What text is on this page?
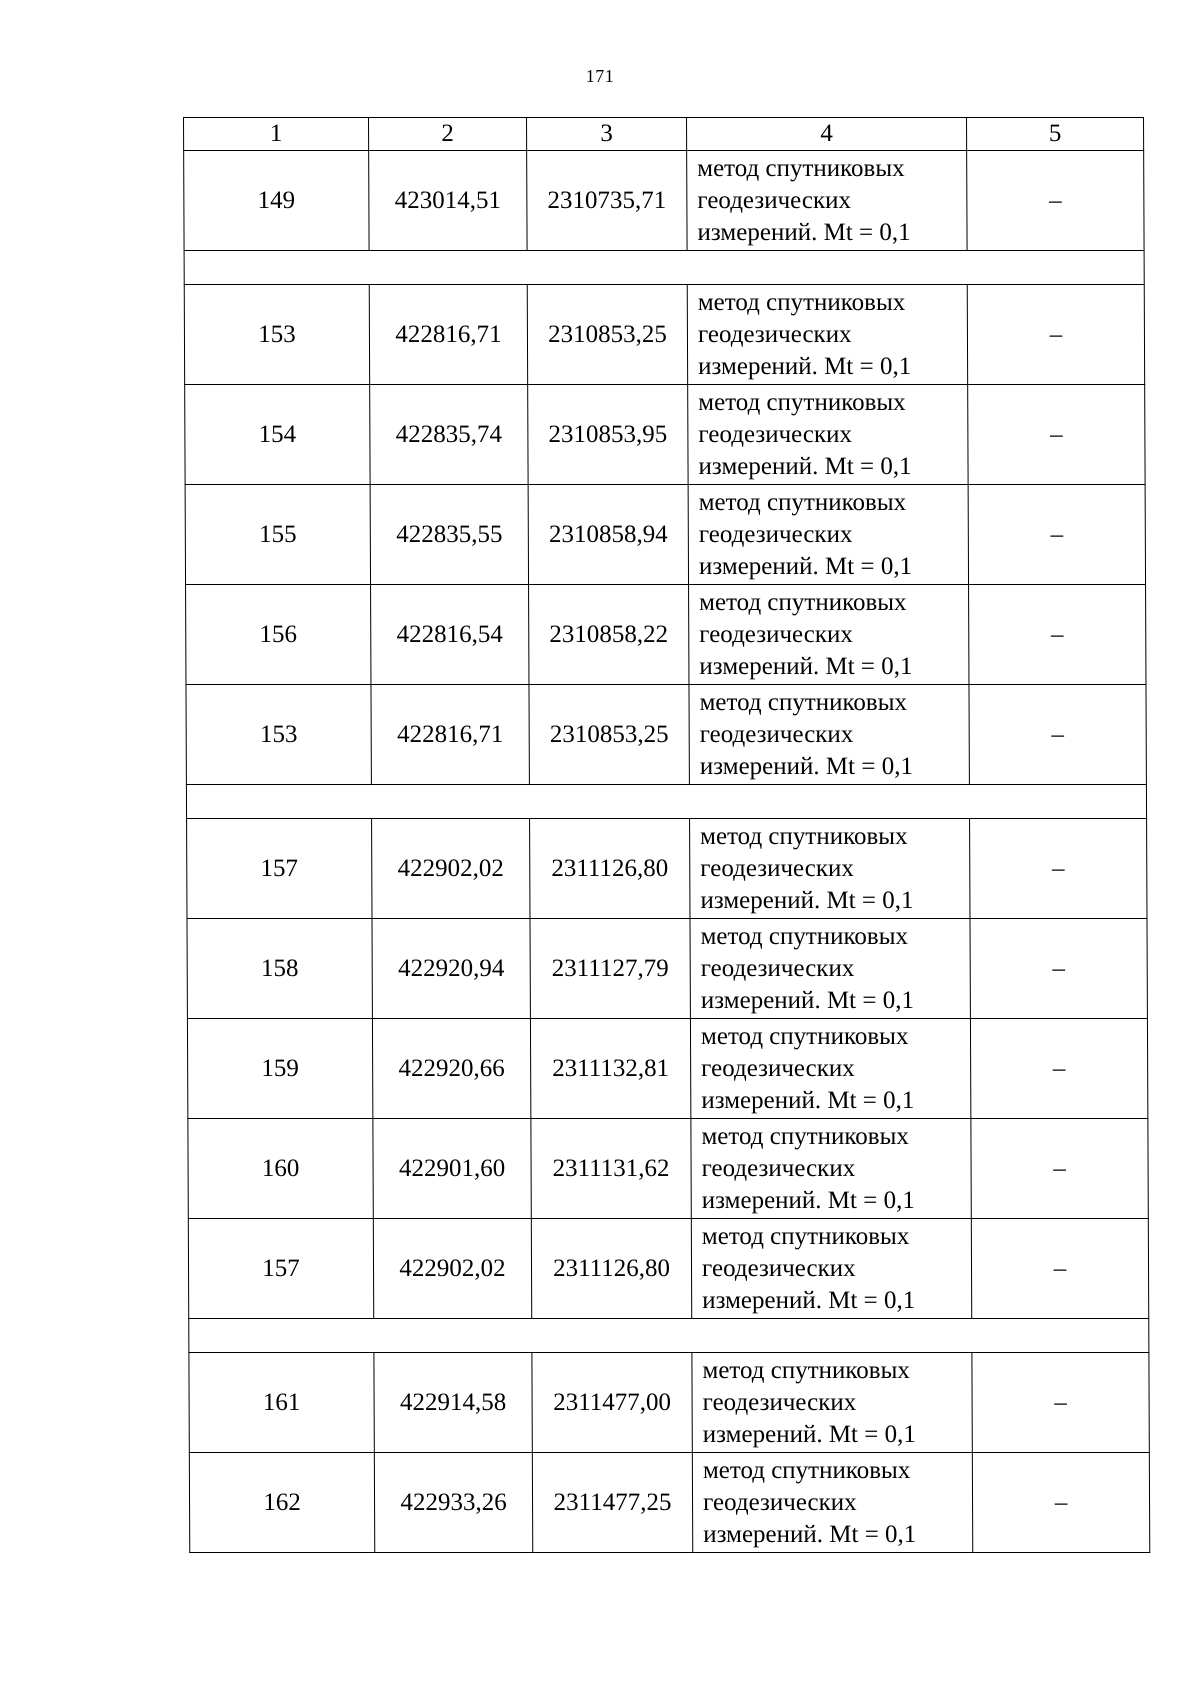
171
1	2	3	4	5
149	423014,51	2310735,71	метод спутниковых
геодезических
измерений. Mt = 0,1	–

153	422816,71	2310853,25	метод спутниковых
геодезических
измерений. Mt = 0,1	–
154	422835,74	2310853,95	метод спутниковых
геодезических
измерений. Mt = 0,1	–
155	422835,55	2310858,94	метод спутниковых
геодезических
измерений. Mt = 0,1	–
156	422816,54	2310858,22	метод спутниковых
геодезических
измерений. Mt = 0,1	–
153	422816,71	2310853,25	метод спутниковых
геодезических
измерений. Mt = 0,1	–

157	422902,02	2311126,80	метод спутниковых
геодезических
измерений. Mt = 0,1	–
158	422920,94	2311127,79	метод спутниковых
геодезических
измерений. Mt = 0,1	–
159	422920,66	2311132,81	метод спутниковых
геодезических
измерений. Mt = 0,1	–
160	422901,60	2311131,62	метод спутниковых
геодезических
измерений. Mt = 0,1	–
157	422902,02	2311126,80	метод спутниковых
геодезических
измерений. Mt = 0,1	–

161	422914,58	2311477,00	метод спутниковых
геодезических
измерений. Mt = 0,1	–
162	422933,26	2311477,25	метод спутниковых
геодезических
измерений. Mt = 0,1	–
